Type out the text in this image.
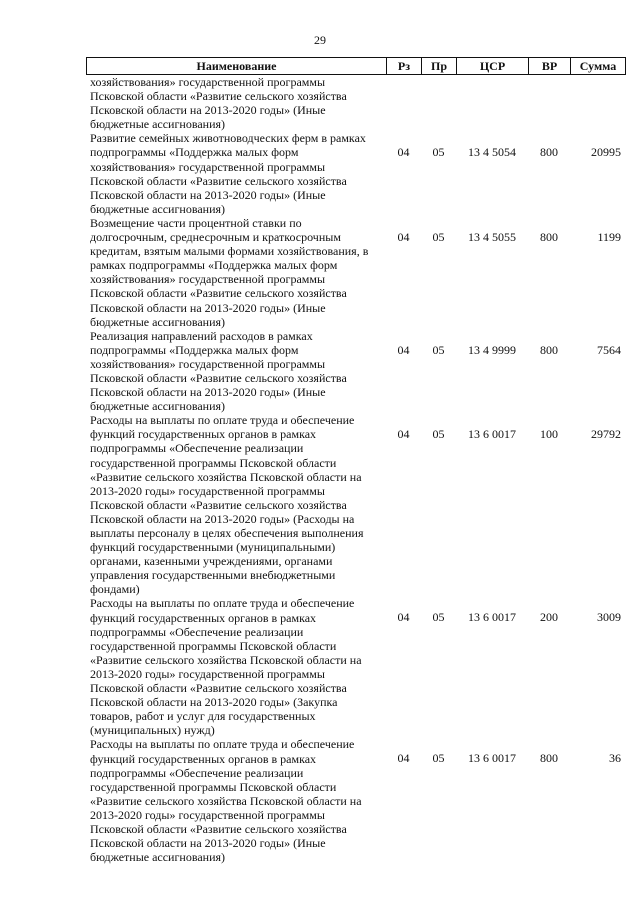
29
Наименование	Рз	Пр	ЦСР	ВР	Сумма
хозяйствования» государственной программы
Псковской области «Развитие сельского хозяйства
Псковской области на 2013-2020 годы» (Иные
бюджетные ассигнования)
Развитие семейных животноводческих ферм в рамках
подпрограммы «Поддержка малых форм
хозяйствования» государственной программы
Псковской области «Развитие сельского хозяйства
Псковской области на 2013-2020 годы» (Иные
бюджетные ассигнования)
04	05	13 4 5054	800	20995
Возмещение части процентной ставки по
долгосрочным, среднесрочным и краткосрочным
кредитам, взятым малыми формами хозяйствования, в
рамках подпрограммы «Поддержка малых форм
хозяйствования» государственной программы
Псковской области «Развитие сельского хозяйства
Псковской области на 2013-2020 годы» (Иные
бюджетные ассигнования)
04	05	13 4 5055	800	1199
Реализация направлений расходов в рамках
подпрограммы «Поддержка малых форм
хозяйствования» государственной программы
Псковской области «Развитие сельского хозяйства
Псковской области на 2013-2020 годы» (Иные
бюджетные ассигнования)
04	05	13 4 9999	800	7564
Расходы на выплаты по оплате труда и обеспечение
функций государственных органов в рамках
подпрограммы «Обеспечение реализации
государственной программы Псковской области
«Развитие сельского хозяйства Псковской области на
2013-2020 годы» государственной программы
Псковской области «Развитие сельского хозяйства
Псковской области на 2013-2020 годы» (Расходы на
выплаты персоналу в целях обеспечения выполнения
функций государственными (муниципальными)
органами, казенными учреждениями, органами
управления государственными внебюджетными
фондами)
04	05	13 6 0017	100	29792
Расходы на выплаты по оплате труда и обеспечение
функций государственных органов в рамках
подпрограммы «Обеспечение реализации
государственной программы Псковской области
«Развитие сельского хозяйства Псковской области на
2013-2020 годы» государственной программы
Псковской области «Развитие сельского хозяйства
Псковской области на 2013-2020 годы» (Закупка
товаров, работ и услуг для государственных
(муниципальных) нужд)
04	05	13 6 0017	200	3009
Расходы на выплаты по оплате труда и обеспечение
функций государственных органов в рамках
подпрограммы «Обеспечение реализации
государственной программы Псковской области
«Развитие сельского хозяйства Псковской области на
2013-2020 годы» государственной программы
Псковской области «Развитие сельского хозяйства
Псковской области на 2013-2020 годы» (Иные
бюджетные ассигнования)
04	05	13 6 0017	800	36
